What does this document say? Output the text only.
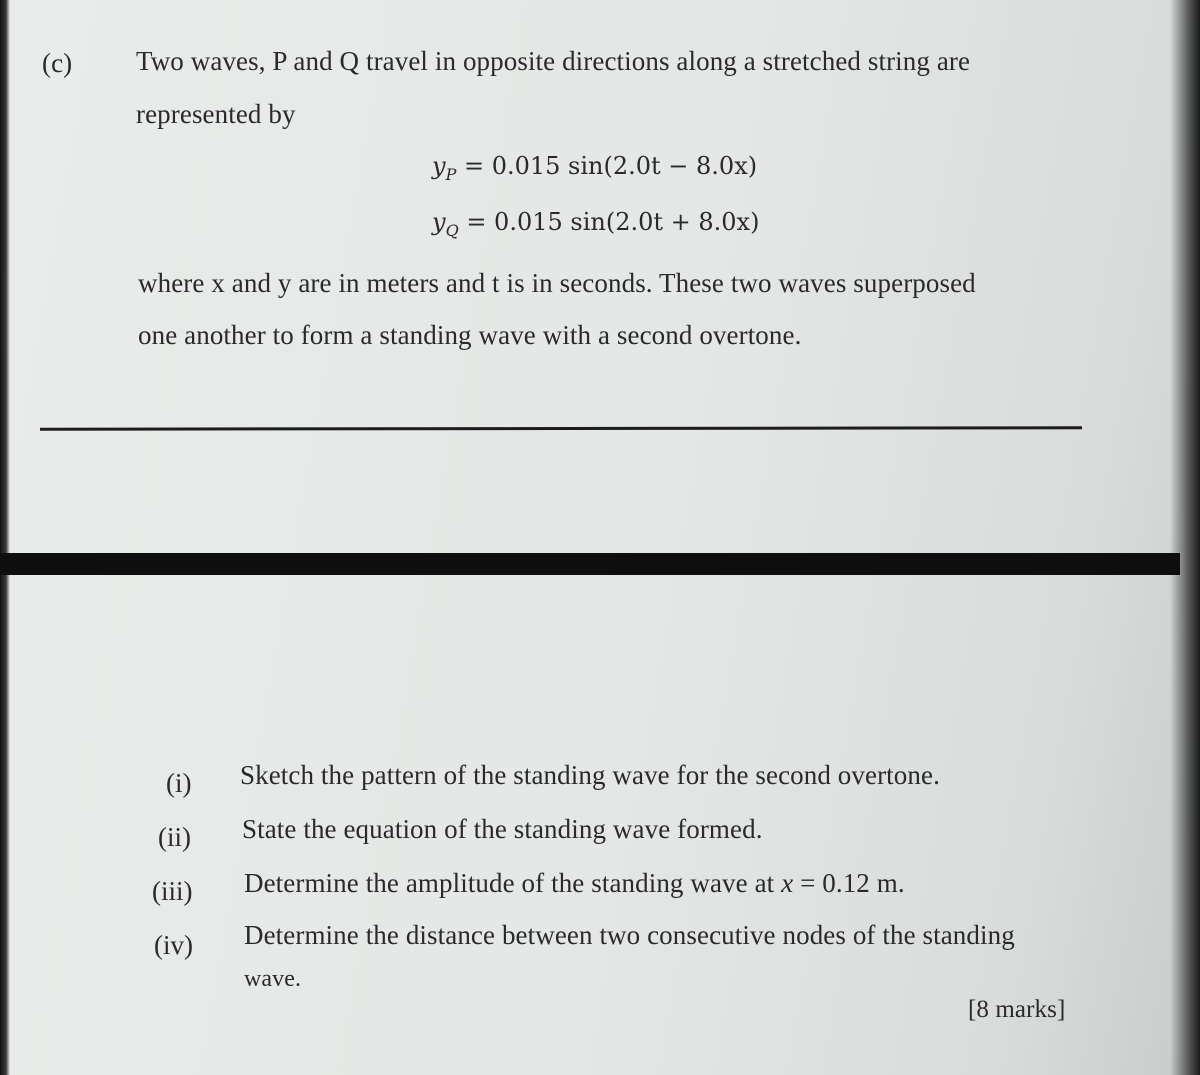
(c) Two waves, P and Q travel in opposite directions along a stretched string are
represented by
$y_P = 0.015$ sin(2.0t − 8.0x)
$y_Q = 0.015$ sin(2.0t + 8.0x)
where x and y are in meters and t is in seconds. These two waves superposed
one another to form a standing wave with a second overtone.
(i) Sketch the pattern of the standing wave for the second overtone.
(ii) State the equation of the standing wave formed.
(iii) Determine the amplitude of the standing wave at x = 0.12 m.
(iv) Determine the distance between two consecutive nodes of the standing
wave.
[8 marks]
